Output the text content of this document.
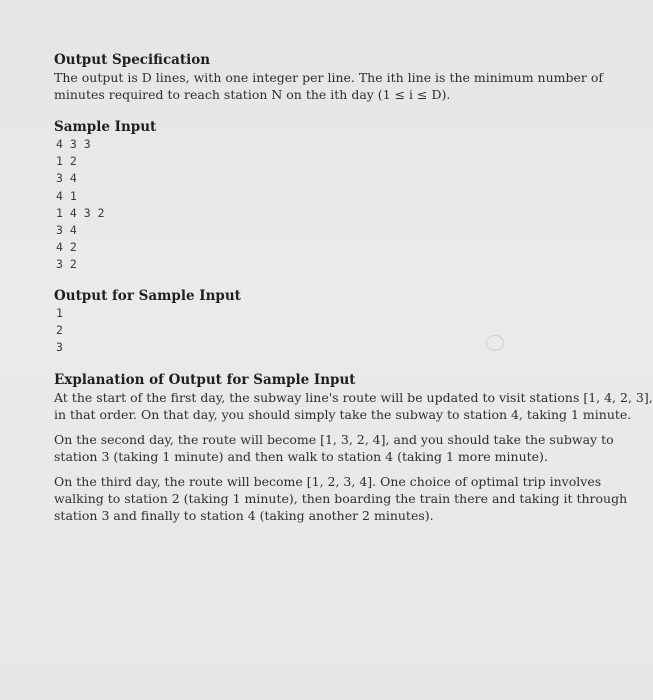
Output Specification
The output is D lines, with one integer per line. The ith line is the minimum number of
minutes required to reach station N on the ith day (1 ≤ i ≤ D).
Sample Input
4 3 3
1 2
3 4
4 1
1 4 3 2
3 4
4 2
3 2
Output for Sample Input
1
2
3
Explanation of Output for Sample Input
At the start of the first day, the subway line's route will be updated to visit stations [1, 4, 2, 3],
in that order. On that day, you should simply take the subway to station 4, taking 1 minute.
On the second day, the route will become [1, 3, 2, 4], and you should take the subway to
station 3 (taking 1 minute) and then walk to station 4 (taking 1 more minute).
On the third day, the route will become [1, 2, 3, 4]. One choice of optimal trip involves
walking to station 2 (taking 1 minute), then boarding the train there and taking it through
station 3 and finally to station 4 (taking another 2 minutes).
